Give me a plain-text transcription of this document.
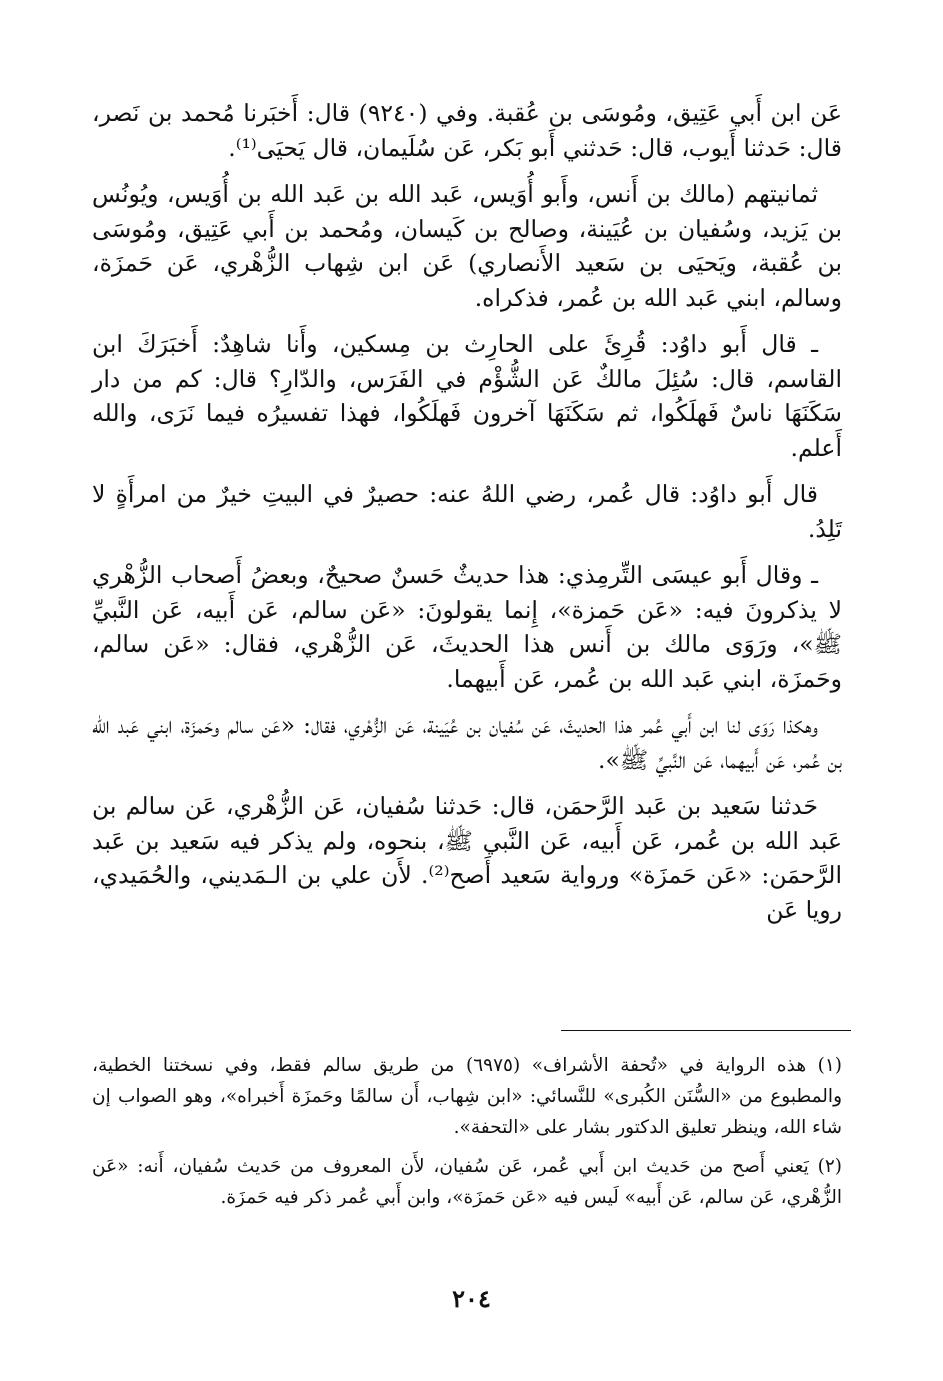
عَن ابن أَبي عَتِيق، ومُوسَى بن عُقبة. وفي (٩٢٤٠) قال: أَخبَرنا مُحمد بن نَصر، قال: حَدثنا أَيوب، قال: حَدثني أَبو بَكر، عَن سُلَيمان، قال يَحيَى⁽¹⁾.

ثمانيتهم (مالك بن أَنس، وأَبو أُوَيس، عَبد الله بن عَبد الله بن أُوَيس، ويُونُس بن يَزيد، وسُفيان بن عُيَينة، وصالح بن كَيسان، ومُحمد بن أَبي عَتِيق، ومُوسَى بن عُقبة، ويَحيَى بن سَعيد الأَنصاري) عَن ابن شِهاب الزُّهْري، عَن حَمزَة، وسالم، ابني عَبد الله بن عُمر، فذكراه.

ـ قال أَبو داوُد: قُرِئَ على الحارِث بن مِسكين، وأَنا شاهِدٌ: أَخبَرَكَ ابن القاسم، قال: سُئِلَ مالكٌ عَن الشُّؤْم في الفَرَس، والدّارِ؟ قال: كم من دار سَكَنَهَا ناسٌ فَهلَكُوا، ثم سَكَنَهَا آخرون فَهلَكُوا، فهذا تفسيرُه فيما نَرَى، والله أَعلم.

قال أَبو داوُد: قال عُمر، رضي اللهُ عنه: حصيرٌ في البيتِ خيرٌ من امرأَةٍ لا تَلِدُ.

ـ وقال أَبو عيسَى التِّرمِذي: هذا حديثٌ حَسنٌ صحيحٌ، وبعضُ أَصحاب الزُّهْري لا يذكرونَ فيه: «عَن حَمزة»، إِنما يقولونَ: «عَن سالم، عَن أَبيه، عَن النَّبيِّ ﷺ»، ورَوَى مالك بن أَنس هذا الحديثَ، عَن الزُّهْري، فقال: «عَن سالم، وحَمزَة، ابني عَبد الله بن عُمر، عَن أَبيهما.

وهكذا رَوَى لنا ابن أَبي عُمر هذا الحديثَ، عَن سُفيان بن عُيَينة، عَن الزُّهْري، فقال: «عَن سالم وحَمزَة، ابني عَبد الله بن عُمر، عَن أَبيهما، عَن النَّبيِّ ﷺ».

حَدثنا سَعيد بن عَبد الرَّحمَن، قال: حَدثنا سُفيان، عَن الزُّهْري، عَن سالم بن عَبد الله بن عُمر، عَن أَبيه، عَن النَّبي ﷺ، بنحوه، ولم يذكر فيه سَعيد بن عَبد الرَّحمَن: «عَن حَمزَة» ورواية سَعيد أَصح⁽²⁾. لأَن علي بن الـمَديني، والحُمَيدي، رويا عَن

(١) هذه الرواية في «تُحفة الأشراف» (٦٩٧٥) من طريق سالم فقط، وفي نسختنا الخطية، والمطبوع من «السُّنَن الكُبرى» للنَّسائي: «ابن شِهاب، أَن سالمًا وحَمزَة أَخبراه»، وهو الصواب إن شاء الله، وينظر تعليق الدكتور بشار على «التحفة».

(٢) يَعني أَصح من حَديث ابن أَبي عُمر، عَن سُفيان، لأَن المعروف من حَديث سُفيان، أَنه: «عَن الزُّهْري، عَن سالم، عَن أَبيه» لَيس فيه «عَن حَمزَة»، وابن أَبي عُمر ذكر فيه حَمزَة.

٢٠٤
